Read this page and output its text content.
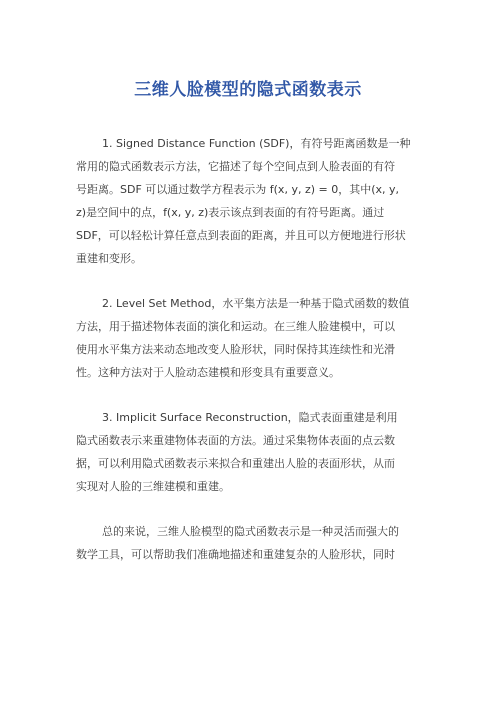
三维人脸模型的隐式函数表示
1. Signed Distance Function (SDF)，有符号距离函数是一种
常用的隐式函数表示方法，它描述了每个空间点到人脸表面的有符
号距离。SDF 可以通过数学方程表示为 f(x, y, z) = 0，其中(x, y,
z)是空间中的点，f(x, y, z)表示该点到表面的有符号距离。通过
SDF，可以轻松计算任意点到表面的距离，并且可以方便地进行形状
重建和变形。
2. Level Set Method，水平集方法是一种基于隐式函数的数值
方法，用于描述物体表面的演化和运动。在三维人脸建模中，可以
使用水平集方法来动态地改变人脸形状，同时保持其连续性和光滑
性。这种方法对于人脸动态建模和形变具有重要意义。
3. Implicit Surface Reconstruction，隐式表面重建是利用
隐式函数表示来重建物体表面的方法。通过采集物体表面的点云数
据，可以利用隐式函数表示来拟合和重建出人脸的表面形状，从而
实现对人脸的三维建模和重建。
总的来说，三维人脸模型的隐式函数表示是一种灵活而强大的
数学工具，可以帮助我们准确地描述和重建复杂的人脸形状，同时
